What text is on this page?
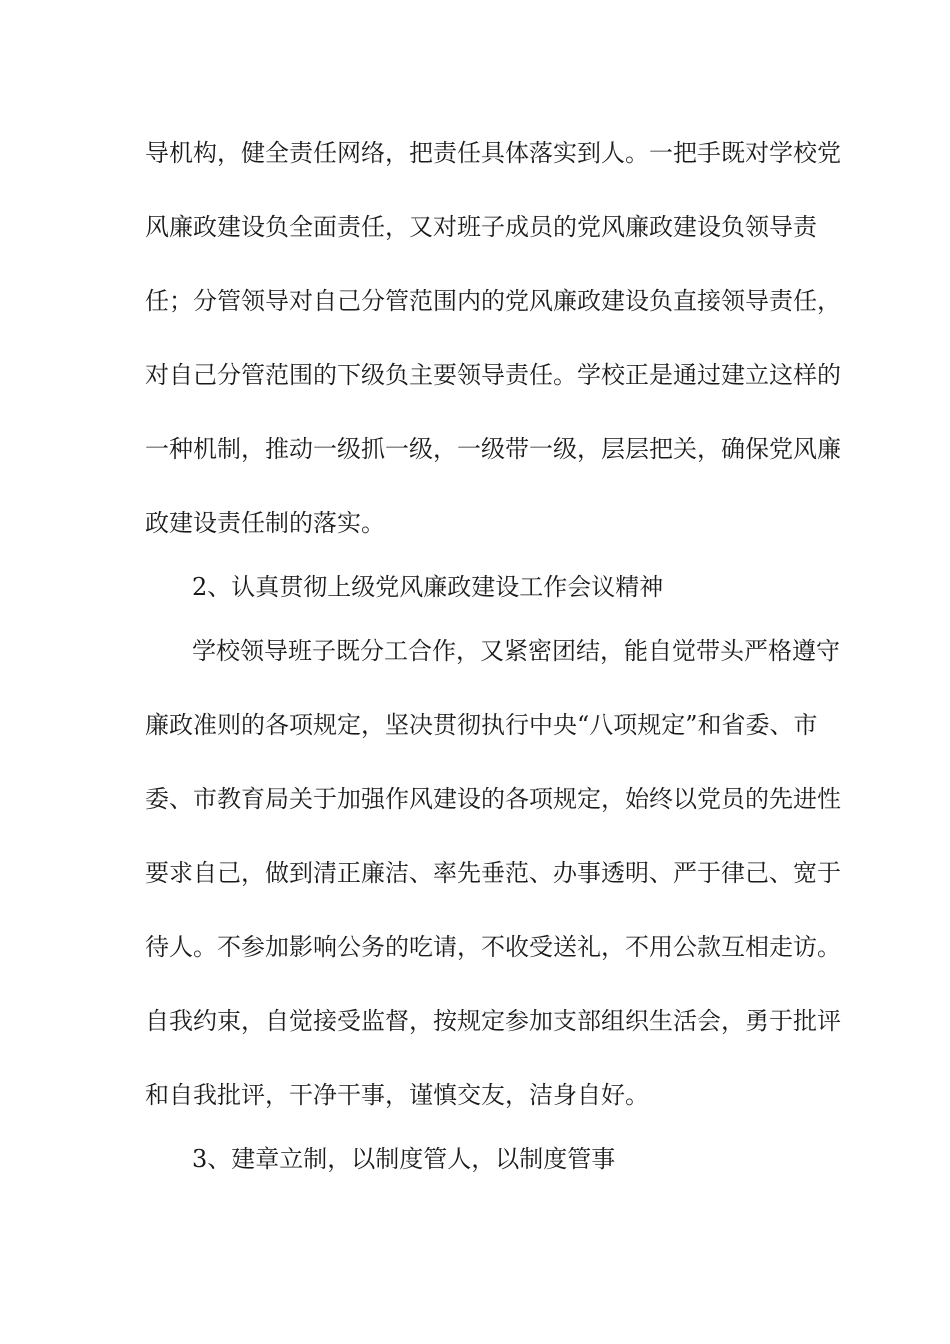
导机构，健全责任网络，把责任具体落实到人。一把手既对学校党
风廉政建设负全面责任，又对班子成员的党风廉政建设负领导责
任；分管领导对自己分管范围内的党风廉政建设负直接领导责任，
对自己分管范围的下级负主要领导责任。学校正是通过建立这样的
一种机制，推动一级抓一级，一级带一级，层层把关，确保党风廉
政建设责任制的落实。
2、认真贯彻上级党风廉政建设工作会议精神
学校领导班子既分工合作，又紧密团结，能自觉带头严格遵守
廉政准则的各项规定，坚决贯彻执行中央“八项规定”和省委、市
委、市教育局关于加强作风建设的各项规定，始终以党员的先进性
要求自己，做到清正廉洁、率先垂范、办事透明、严于律己、宽于
待人。不参加影响公务的吃请，不收受送礼，不用公款互相走访。
自我约束，自觉接受监督，按规定参加支部组织生活会，勇于批评
和自我批评，干净干事，谨慎交友，洁身自好。
3、建章立制，以制度管人，以制度管事
